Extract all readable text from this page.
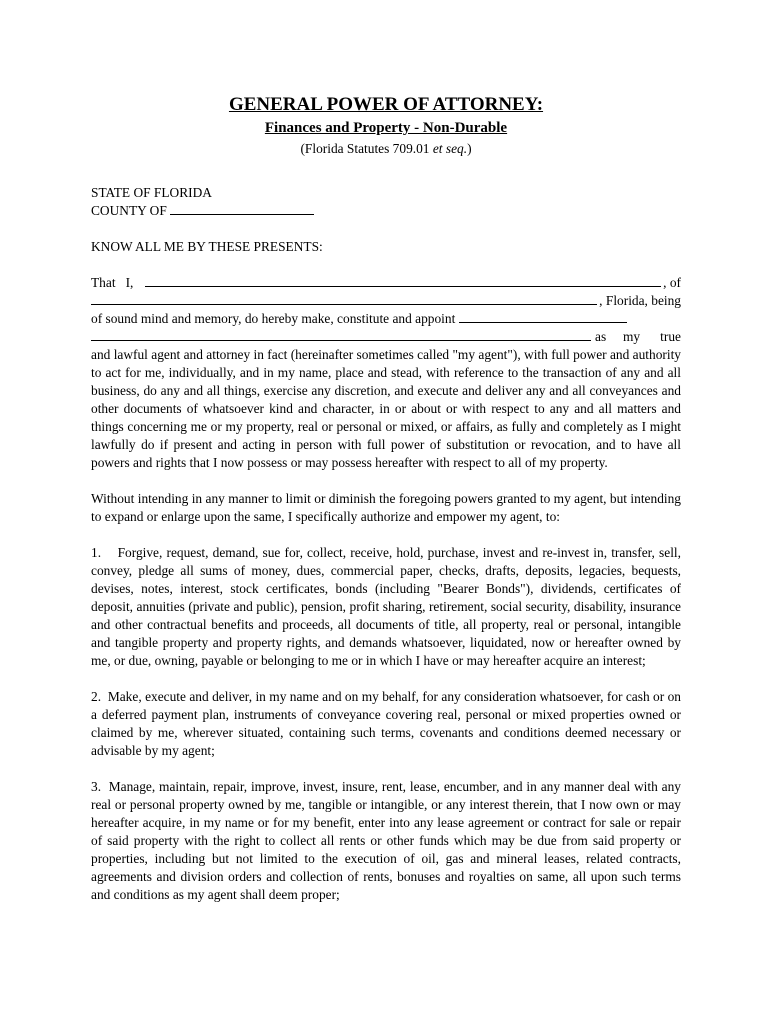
GENERAL POWER OF ATTORNEY:

Finances and Property - Non-Durable

(Florida Statutes 709.01 et seq.)

STATE OF FLORIDA

COUNTY OF

KNOW ALL ME BY THESE PRESENTS:

That
I,	, of
, Florida, being
of sound mind and memory, do hereby make, constitute and appoint
as
my
true

and lawful agent and attorney in fact (hereinafter sometimes called "my agent"), with full power and authority to act for me, individually, and in my name, place and stead, with reference to the transaction of any and all business, do any and all things, exercise any discretion, and execute and deliver any and all conveyances and other documents of whatsoever kind and character, in or about or with respect to any and all matters and things concerning me or my property, real or personal or mixed, or affairs, as fully and completely as I might lawfully do if present and acting in person with full power of substitution or revocation, and to have all powers and rights that I now possess or may possess hereafter with respect to all of my property.

Without intending in any manner to limit or diminish the foregoing powers granted to my agent, but intending to expand or enlarge upon the same, I specifically authorize and empower my agent, to:

1.    Forgive, request, demand, sue for, collect, receive, hold, purchase, invest and re-invest in, transfer, sell, convey, pledge all sums of money, dues, commercial paper, checks, drafts, deposits, legacies, bequests, devises, notes, interest, stock certificates, bonds (including "Bearer Bonds"), dividends, certificates of deposit, annuities (private and public), pension, profit sharing, retirement, social security, disability, insurance and other contractual benefits and proceeds, all documents of title, all property, real or personal, intangible and tangible property and property rights, and demands whatsoever, liquidated, now or hereafter owned by me, or due, owning, payable or belonging to me or in which I have or may hereafter acquire an interest;

2.  Make, execute and deliver, in my name and on my behalf, for any consideration whatsoever, for cash or on a deferred payment plan, instruments of conveyance covering real, personal or mixed properties owned or claimed by me, wherever situated, containing such terms, covenants and conditions deemed necessary or advisable by my agent;

3.  Manage, maintain, repair, improve, invest, insure, rent, lease, encumber, and in any manner deal with any real or personal property owned by me, tangible or intangible, or any interest therein, that I now own or may hereafter acquire, in my name or for my benefit, enter into any lease agreement or contract for sale or repair of said property with the right to collect all rents or other funds which may be due from said property or properties, including but not limited to the execution of oil, gas and mineral leases, related contracts, agreements and division orders and collection of rents, bonuses and royalties on same, all upon such terms and conditions as my agent shall deem proper;
